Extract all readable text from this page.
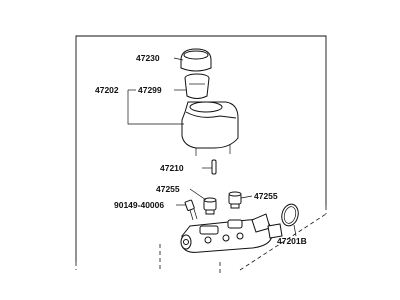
47230
47299
47202
47210
47255
47255
90149-40006
47201B
